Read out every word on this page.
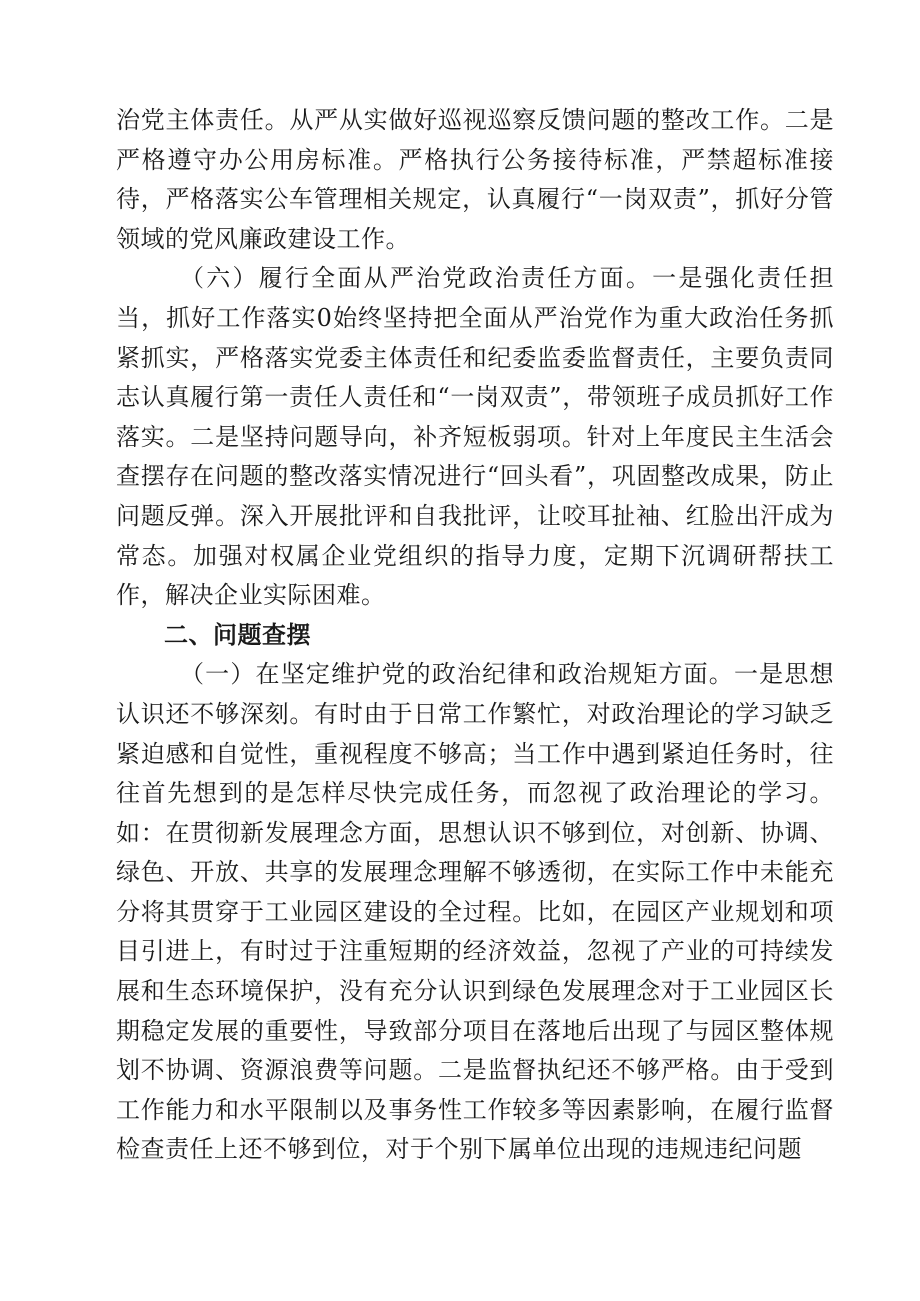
治党主体责任。从严从实做好巡视巡察反馈问题的整改工作。二是严格遵守办公用房标准。严格执行公务接待标准，严禁超标准接待，严格落实公车管理相关规定，认真履行“一岗双责”，抓好分管领域的党风廉政建设工作。

（六）履行全面从严治党政治责任方面。一是强化责任担当，抓好工作落实0始终坚持把全面从严治党作为重大政治任务抓紧抓实，严格落实党委主体责任和纪委监委监督责任，主要负责同志认真履行第一责任人责任和“一岗双责”，带领班子成员抓好工作落实。二是坚持问题导向，补齐短板弱项。针对上年度民主生活会查摆存在问题的整改落实情况进行“回头看”，巩固整改成果，防止问题反弹。深入开展批评和自我批评，让咬耳扯袖、红脸出汗成为常态。加强对权属企业党组织的指导力度，定期下沉调研帮扶工作，解决企业实际困难。

二、问题查摆

（一）在坚定维护党的政治纪律和政治规矩方面。一是思想认识还不够深刻。有时由于日常工作繁忙，对政治理论的学习缺乏紧迫感和自觉性，重视程度不够高；当工作中遇到紧迫任务时，往往首先想到的是怎样尽快完成任务，而忽视了政治理论的学习。如：在贯彻新发展理念方面，思想认识不够到位，对创新、协调、绿色、开放、共享的发展理念理解不够透彻，在实际工作中未能充分将其贯穿于工业园区建设的全过程。比如，在园区产业规划和项目引进上，有时过于注重短期的经济效益，忽视了产业的可持续发展和生态环境保护，没有充分认识到绿色发展理念对于工业园区长期稳定发展的重要性，导致部分项目在落地后出现了与园区整体规划不协调、资源浪费等问题。二是监督执纪还不够严格。由于受到工作能力和水平限制以及事务性工作较多等因素影响，在履行监督检查责任上还不够到位，对于个别下属单位出现的违规违纪问题
